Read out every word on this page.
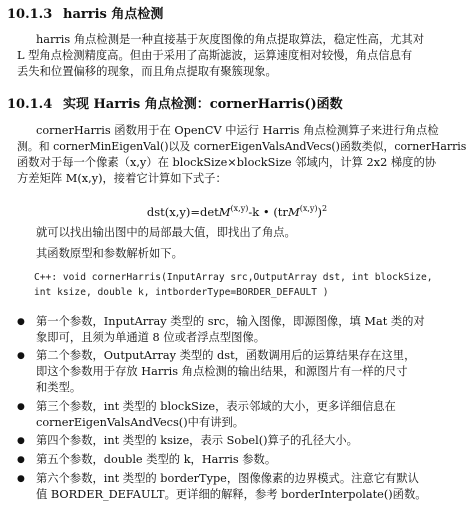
10.1.3 harris 角点检测
harris 角点检测是一种直接基于灰度图像的角点提取算法，稳定性高，尤其对
L 型角点检测精度高。但由于采用了高斯滤波，运算速度相对较慢，角点信息有
丢失和位置偏移的现象，而且角点提取有聚簇现象。
10.1.4 实现 Harris 角点检测：cornerHarris()函数
cornerHarris 函数用于在 OpenCV 中运行 Harris 角点检测算子来进行角点检
测。和 cornerMinEigenVal()以及 cornerEigenValsAndVecs()函数类似，cornerHarris
函数对于每一个像素（x,y）在 blockSize×blockSize 邻域内，计算 2x2 梯度的协
方差矩阵 M(x,y)，接着它计算如下式子：
dst(x,y)=detM$^{(x,y)}$-k • $(trM^{(x,y)})^2$
就可以找出输出图中的局部最大值，即找出了角点。
其函数原型和参数解析如下。
C++: void cornerHarris(InputArray src,OutputArray dst, int blockSize,
int ksize, double k, intborderType=BORDER_DEFAULT )
● 第一个参数，InputArray 类型的 src，输入图像，即源图像，填 Mat 类的对
象即可，且须为单通道 8 位或者浮点型图像。
● 第二个参数，OutputArray 类型的 dst，函数调用后的运算结果存在这里，
即这个参数用于存放 Harris 角点检测的输出结果，和源图片有一样的尺寸
和类型。
● 第三个参数，int 类型的 blockSize，表示邻域的大小，更多详细信息在
cornerEigenValsAndVecs()中有讲到。
● 第四个参数，int 类型的 ksize，表示 Sobel()算子的孔径大小。
● 第五个参数，double 类型的 k，Harris 参数。
● 第六个参数，int 类型的 borderType，图像像素的边界模式。注意它有默认
值 BORDER_DEFAULT。更详细的解释，参考 borderInterpolate()函数。
